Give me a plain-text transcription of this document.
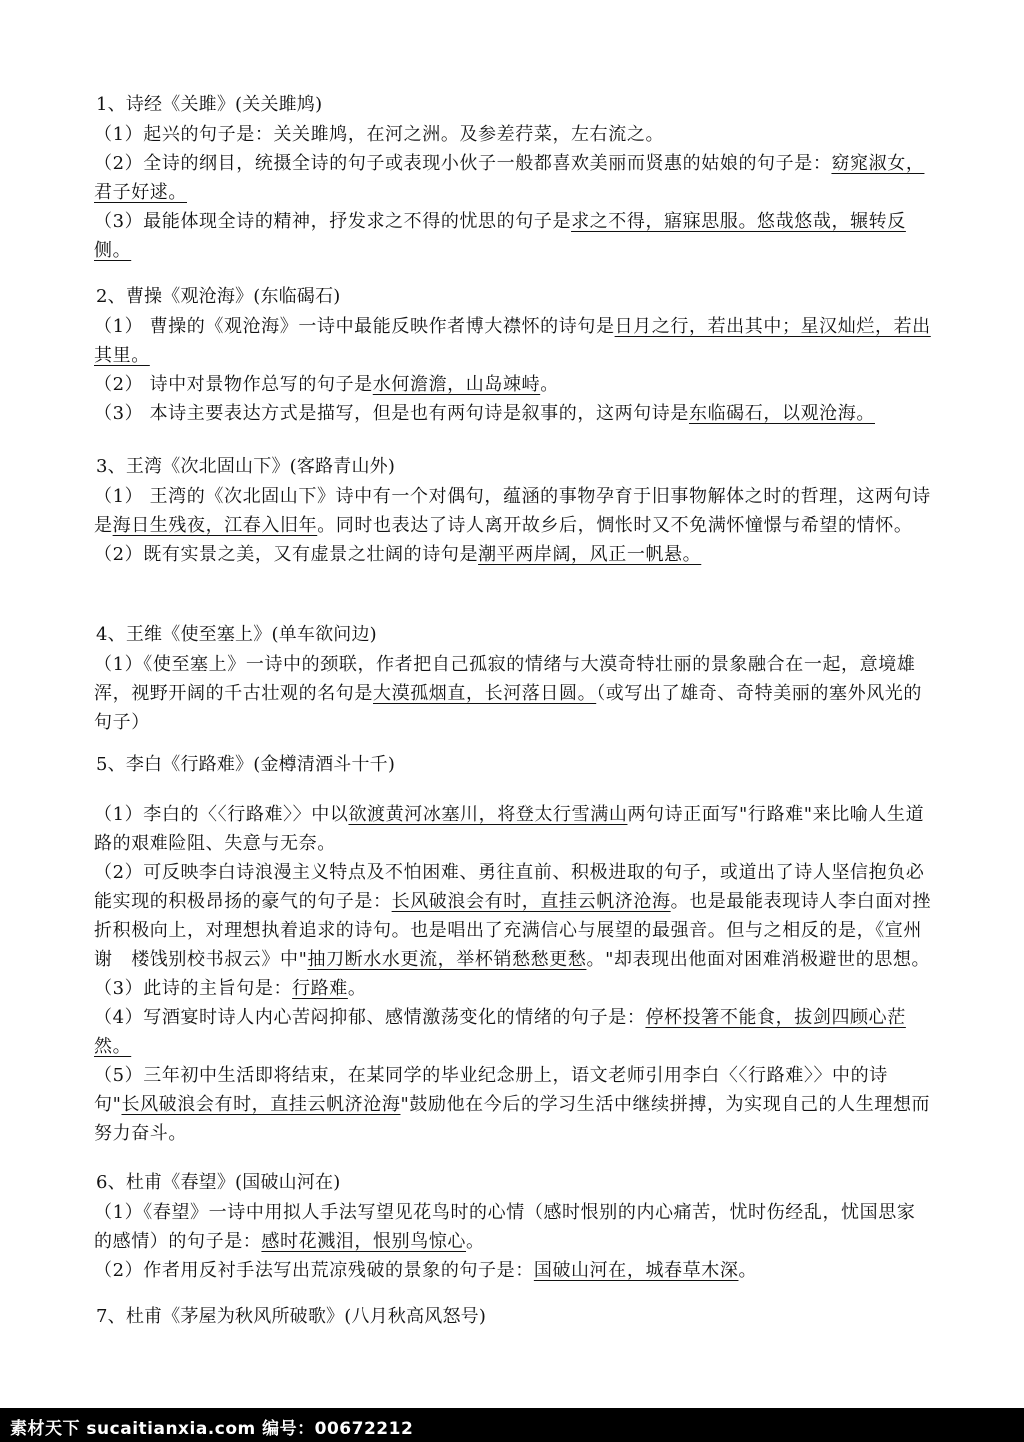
1、诗经《关雎》(关关雎鸠)
（1）起兴的句子是：关关雎鸠，在河之洲。及参差荇菜，左右流之。
（2）全诗的纲目，统摄全诗的句子或表现小伙子一般都喜欢美丽而贤惠的姑娘的句子是：窈窕淑女，君子好逑。
（3）最能体现全诗的精神，抒发求之不得的忧思的句子是求之不得，寤寐思服。悠哉悠哉，辗转反侧。
2、曹操《观沧海》(东临碣石)
（1） 曹操的《观沧海》一诗中最能反映作者博大襟怀的诗句是日月之行，若出其中；星汉灿烂，若出其里。
（2） 诗中对景物作总写的句子是水何澹澹，山岛竦峙。
（3） 本诗主要表达方式是描写，但是也有两句诗是叙事的，这两句诗是东临碣石，以观沧海。
3、王湾《次北固山下》(客路青山外)
（1） 王湾的《次北固山下》诗中有一个对偶句，蕴涵的事物孕育于旧事物解体之时的哲理，这两句诗是海日生残夜，江春入旧年。同时也表达了诗人离开故乡后，惆怅时又不免满怀憧憬与希望的情怀。
（2）既有实景之美，又有虚景之壮阔的诗句是潮平两岸阔，风正一帆悬。
4、王维《使至塞上》(单车欲问边)
（1）《使至塞上》一诗中的颈联，作者把自己孤寂的情绪与大漠奇特壮丽的景象融合在一起，意境雄浑，视野开阔的千古壮观的名句是大漠孤烟直，长河落日圆。（或写出了雄奇、奇特美丽的塞外风光的句子）
5、李白《行路难》(金樽清酒斗十千)
（1）李白的〈〈行路难〉〉中以欲渡黄河冰塞川，将登太行雪满山两句诗正面写"行路难"来比喻人生道路的艰难险阻、失意与无奈。
（2）可反映李白诗浪漫主义特点及不怕困难、勇往直前、积极进取的句子，或道出了诗人坚信抱负必能实现的积极昂扬的豪气的句子是：长风破浪会有时，直挂云帆济沧海。也是最能表现诗人李白面对挫折积极向上，对理想执着追求的诗句。也是唱出了充满信心与展望的最强音。但与之相反的是，《宣州谢　楼饯别校书叔云》中"抽刀断水水更流，举杯销愁愁更愁。"却表现出他面对困难消极避世的思想。
（3）此诗的主旨句是：行路难。
（4）写酒宴时诗人内心苦闷抑郁、感情激荡变化的情绪的句子是：停杯投箸不能食，拔剑四顾心茫然。
（5）三年初中生活即将结束，在某同学的毕业纪念册上，语文老师引用李白〈〈行路难〉〉中的诗句"长风破浪会有时，直挂云帆济沧海"鼓励他在今后的学习生活中继续拼搏，为实现自己的人生理想而努力奋斗。
6、杜甫《春望》(国破山河在)
（1）《春望》一诗中用拟人手法写望见花鸟时的心情（感时恨别的内心痛苦，忧时伤经乱，忧国思家的感情）的句子是：感时花溅泪，恨别鸟惊心。
（2）作者用反衬手法写出荒凉残破的景象的句子是：国破山河在，城春草木深。
7、杜甫《茅屋为秋风所破歌》(八月秋高风怒号)
素材天下 sucaitianxia.com 编号：00672212
